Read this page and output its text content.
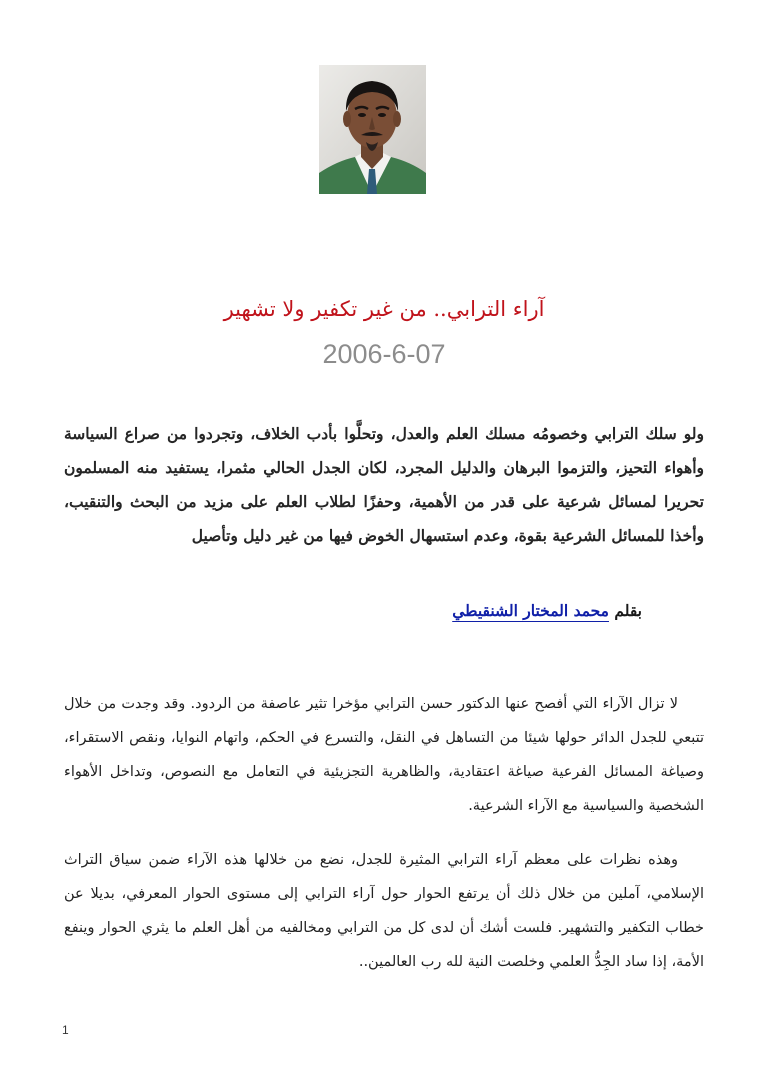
آراء الترابي.. من غير تكفير ولا تشهير
2006-6-07
ولو سلك الترابي وخصومُه مسلك العلم والعدل، وتحلَّوا بأدب الخلاف، وتجردوا من صراع السياسة وأهواء التحيز، والتزموا البرهان والدليل المجرد، لكان الجدل الحالي مثمرا، يستفيد منه المسلمون تحريرا لمسائل شرعية على قدر من الأهمية، وحفزًا لطلاب العلم على مزيد من البحث والتنقيب، وأخذا للمسائل الشرعية بقوة، وعدم استسهال الخوض فيها من غير دليل وتأصيل
بقلم محمد المختار الشنقيطي
لا تزال الآراء التي أفصح عنها الدكتور حسن الترابي مؤخرا تثير عاصفة من الردود. وقد وجدت من خلال تتبعي للجدل الدائر حولها شيئا من التساهل في النقل، والتسرع في الحكم، واتهام النوايا، ونقص الاستقراء، وصياغة المسائل الفرعية صياغة اعتقادية، والظاهرية التجزيئية في التعامل مع النصوص، وتداخل الأهواء الشخصية والسياسية مع الآراء الشرعية.
وهذه نظرات على معظم آراء الترابي المثيرة للجدل، نضع من خلالها هذه الآراء ضمن سياق التراث الإسلامي، آملين من خلال ذلك أن يرتفع الحوار حول آراء الترابي إلى مستوى الحوار المعرفي، بديلا عن خطاب التكفير والتشهير. فلست أشك أن لدى كل من الترابي ومخالفيه من أهل العلم ما يثري الحوار وينفع الأمة، إذا ساد الجِدُّ العلمي وخلصت النية لله رب العالمين..
1
